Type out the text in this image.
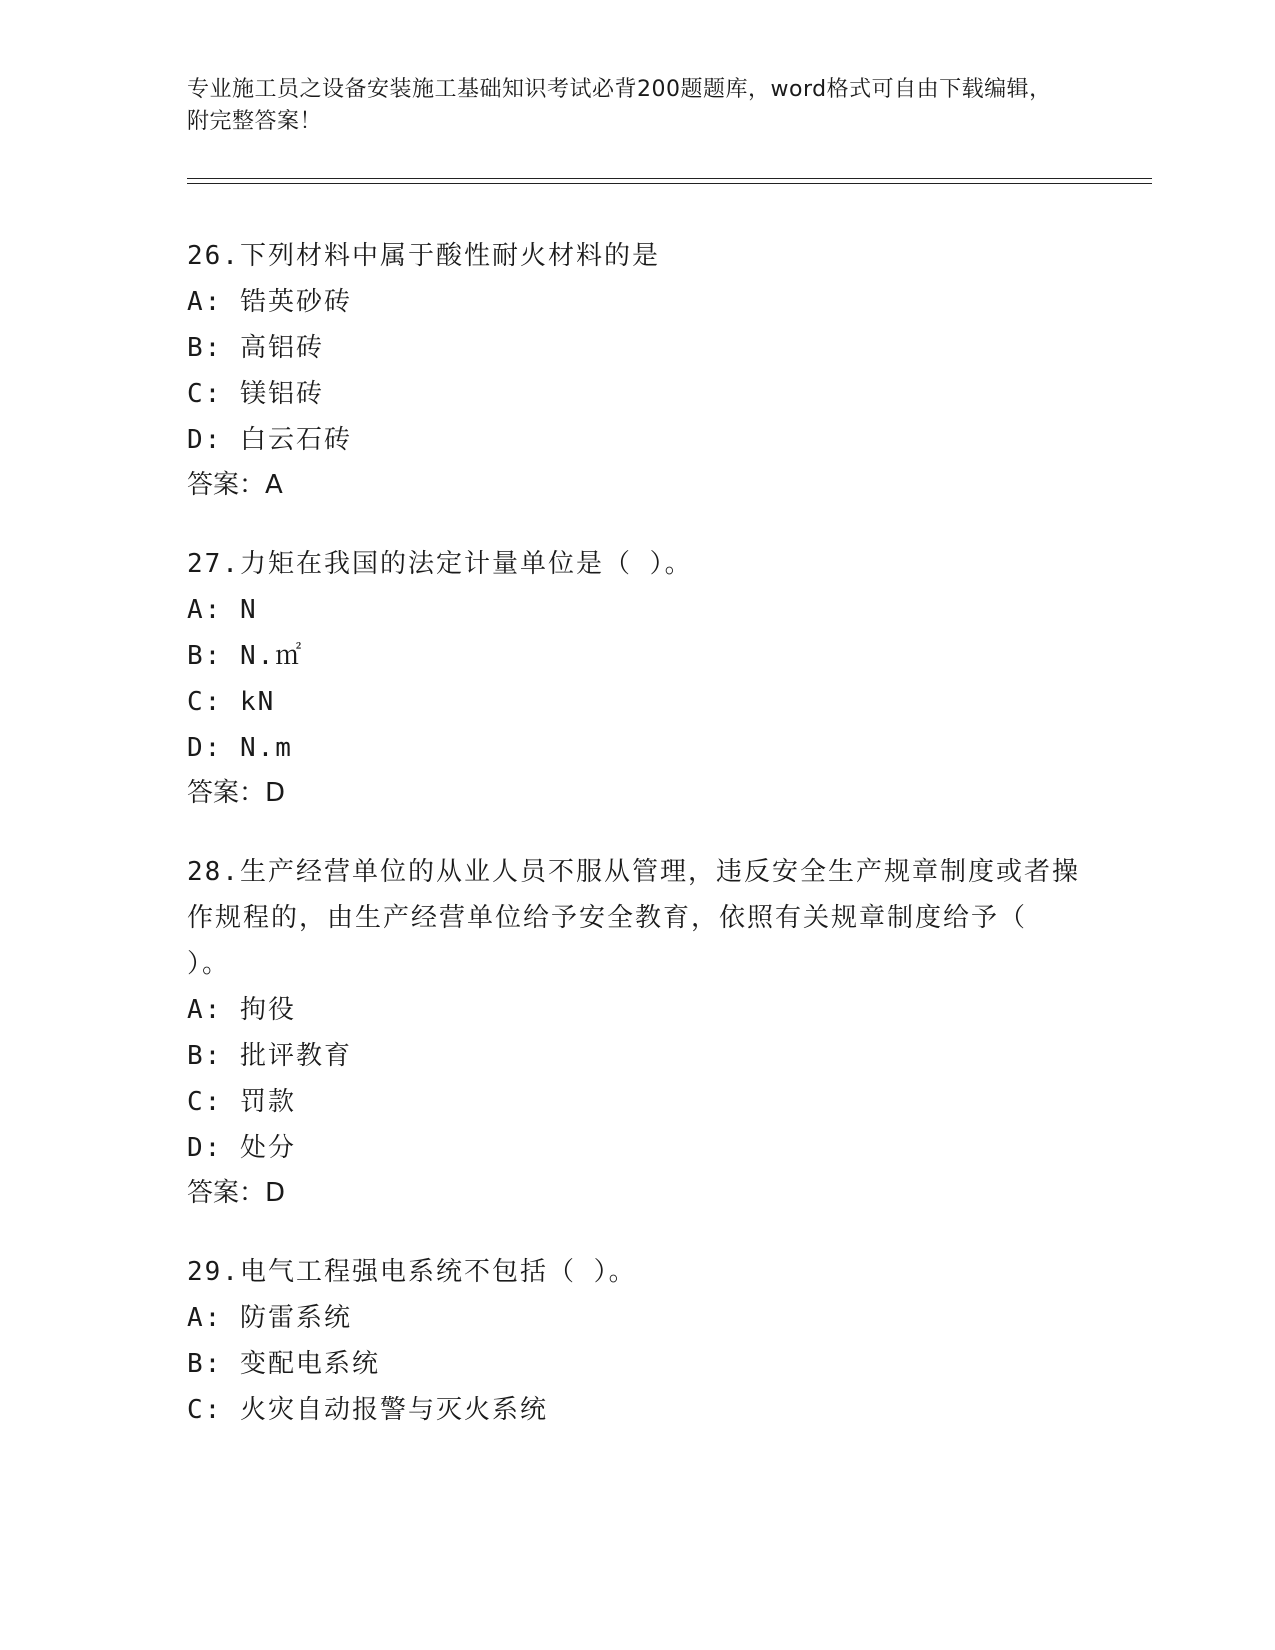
专业施工员之设备安装施工基础知识考试必背200题题库，word格式可自由下载编辑，附完整答案！
26.下列材料中属于酸性耐火材料的是
A: 锆英砂砖
B: 高铝砖
C: 镁铝砖
D: 白云石砖
答案：A
27.力矩在我国的法定计量单位是（ ）。
A: N
B: N.㎡
C: kN
D: N.m
答案：D
28.生产经营单位的从业人员不服从管理，违反安全生产规章制度或者操作规程的，由生产经营单位给予安全教育，依照有关规章制度给予（ ）。
A: 拘役
B: 批评教育
C: 罚款
D: 处分
答案：D
29.电气工程强电系统不包括（ ）。
A: 防雷系统
B: 变配电系统
C: 火灾自动报警与灭火系统
